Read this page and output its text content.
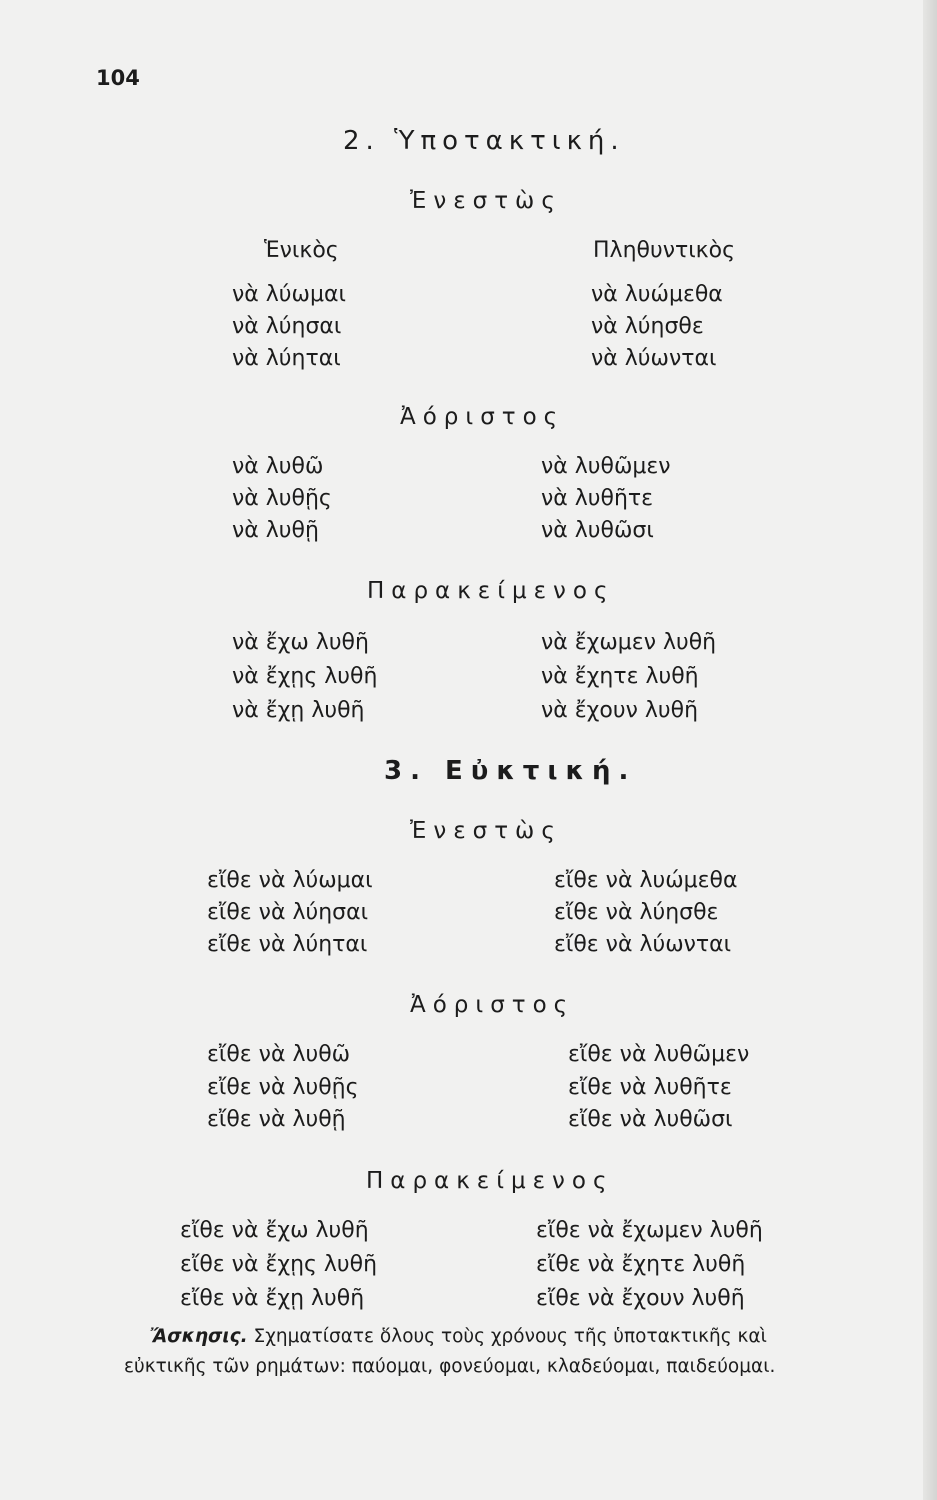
104
2. Ὑποτακτική.
Ἐνεστὼς
Ἑνικὸς	Πληθυντικὸς
νὰ λύωμαι	νὰ λυώμεθα
νὰ λύησαι	νὰ λύησθε
νὰ λύηται	νὰ λύωνται
Ἀόριστος
νὰ λυθῶ	νὰ λυθῶμεν
νὰ λυθῇς	νὰ λυθῆτε
νὰ λυθῇ	νὰ λυθῶσι
Παρακείμενος
νὰ ἔχω λυθῆ	νὰ ἔχωμεν λυθῆ
νὰ ἔχῃς λυθῆ	νὰ ἔχητε λυθῆ
νὰ ἔχῃ λυθῆ	νὰ ἔχουν λυθῆ
3. Εὐκτική.
Ἐνεστὼς
εἴθε νὰ λύωμαι	εἴθε νὰ λυώμεθα
εἴθε νὰ λύησαι	εἴθε νὰ λύησθε
εἴθε νὰ λύηται	εἴθε νὰ λύωνται
Ἀόριστος
εἴθε νὰ λυθῶ	εἴθε νὰ λυθῶμεν
εἴθε νὰ λυθῇς	εἴθε νὰ λυθῆτε
εἴθε νὰ λυθῇ	εἴθε νὰ λυθῶσι
Παρακείμενος
εἴθε νὰ ἔχω λυθῆ	εἴθε νὰ ἔχωμεν λυθῆ
εἴθε νὰ ἔχῃς λυθῆ	εἴθε νὰ ἔχητε λυθῆ
εἴθε νὰ ἔχῃ λυθῆ	εἴθε νὰ ἔχουν λυθῆ
Ἄσκησις. Σχηματίσατε ὅλους τοὺς χρόνους τῆς ὑποτακτικῆς καὶ
εὐκτικῆς τῶν ρημάτων: παύομαι, φονεύομαι, κλαδεύομαι, παιδεύομαι.
